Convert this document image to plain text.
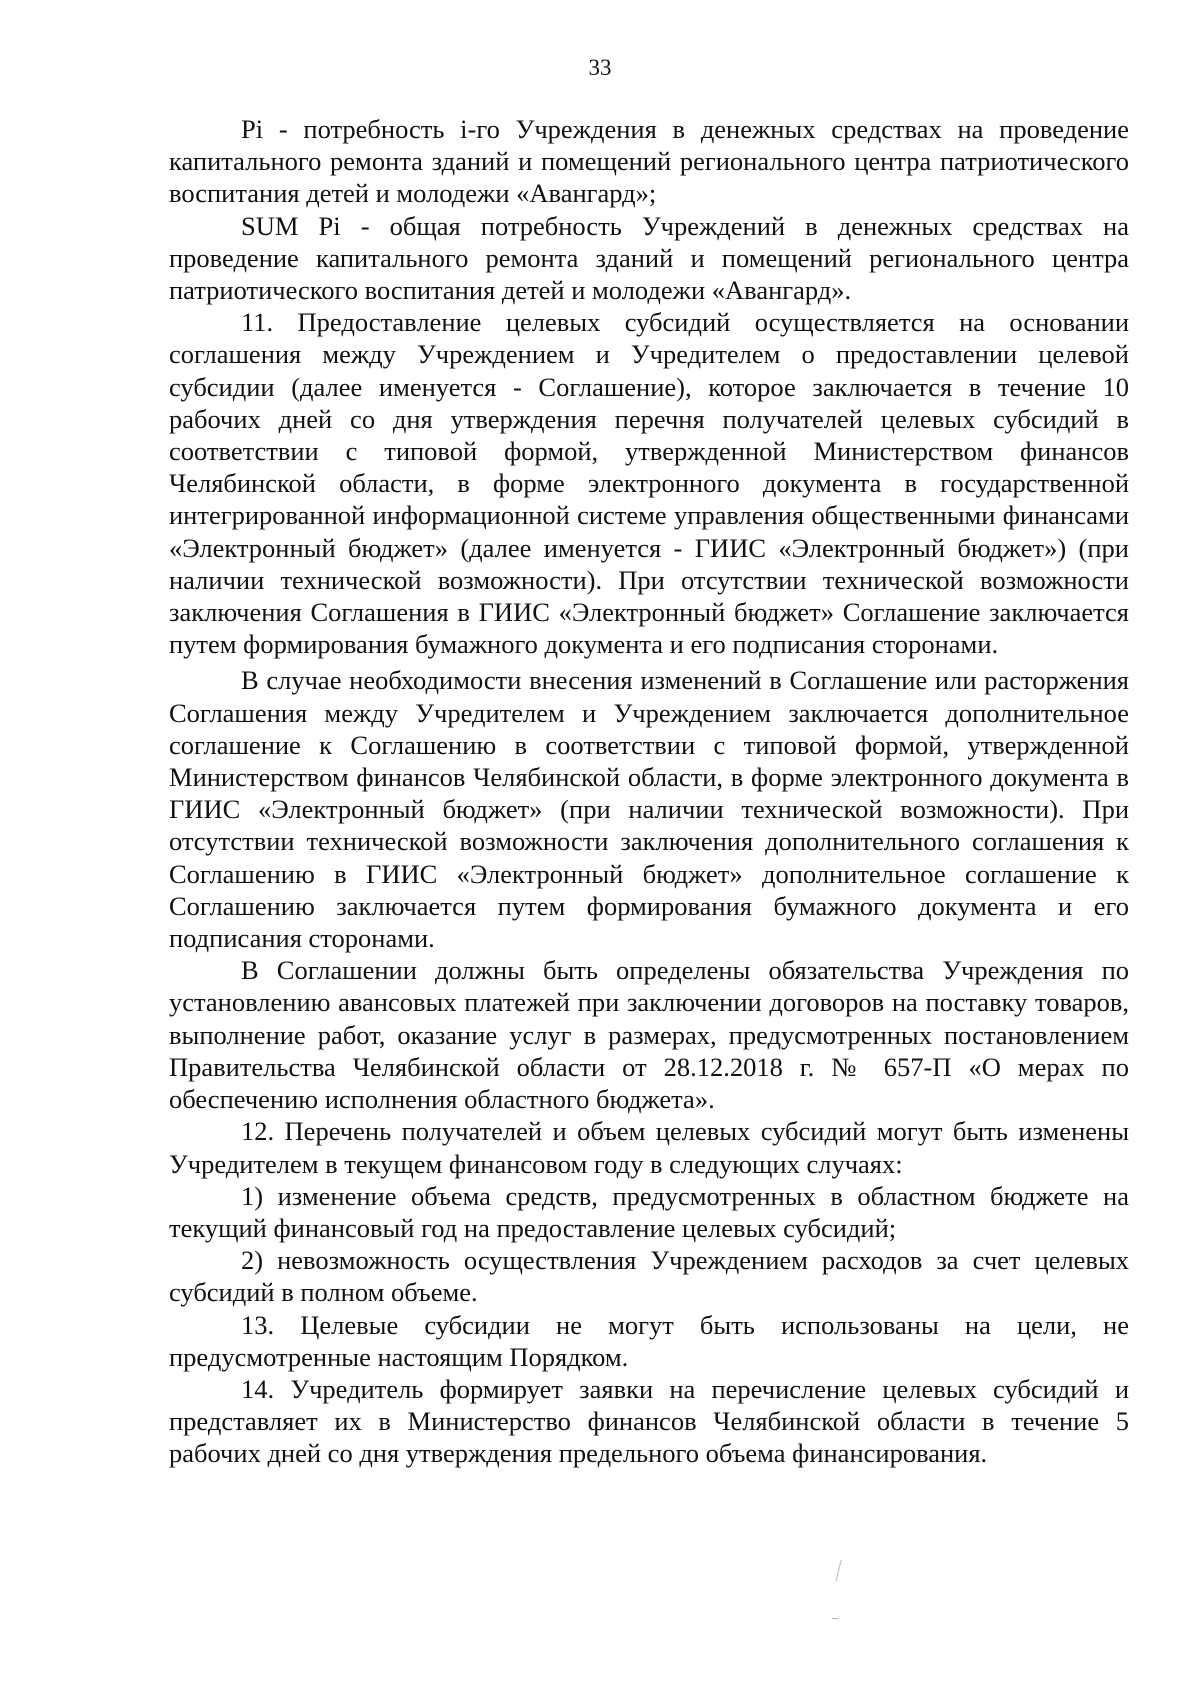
33

Pi - потребность i-го Учреждения в денежных средствах на проведение капитального ремонта зданий и помещений регионального центра патриотического воспитания детей и молодежи «Авангард»;

SUM Pi - общая потребность Учреждений в денежных средствах на проведение капитального ремонта зданий и помещений регионального центра патриотического воспитания детей и молодежи «Авангард».

11. Предоставление целевых субсидий осуществляется на основании соглашения между Учреждением и Учредителем о предоставлении целевой субсидии (далее именуется - Соглашение), которое заключается в течение 10 рабочих дней со дня утверждения перечня получателей целевых субсидий в соответствии с типовой формой, утвержденной Министерством финансов Челябинской области, в форме электронного документа в государственной интегрированной информационной системе управления общественными финансами «Электронный бюджет» (далее именуется - ГИИС «Электронный бюджет») (при наличии технической возможности). При отсутствии технической возможности заключения Соглашения в ГИИС «Электронный бюджет» Соглашение заключается путем формирования бумажного документа и его подписания сторонами.

В случае необходимости внесения изменений в Соглашение или расторжения Соглашения между Учредителем и Учреждением заключается дополнительное соглашение к Соглашению в соответствии с типовой формой, утвержденной Министерством финансов Челябинской области, в форме электронного документа в ГИИС «Электронный бюджет» (при наличии технической возможности). При отсутствии технической возможности заключения дополнительного соглашения к Соглашению в ГИИС «Электронный бюджет» дополнительное соглашение к Соглашению заключается путем формирования бумажного документа и его подписания сторонами.

В Соглашении должны быть определены обязательства Учреждения по установлению авансовых платежей при заключении договоров на поставку товаров, выполнение работ, оказание услуг в размерах, предусмотренных постановлением Правительства Челябинской области от 28.12.2018 г. № 657-П «О мерах по обеспечению исполнения областного бюджета».

12. Перечень получателей и объем целевых субсидий могут быть изменены Учредителем в текущем финансовом году в следующих случаях:

1) изменение объема средств, предусмотренных в областном бюджете на текущий финансовый год на предоставление целевых субсидий;

2) невозможность осуществления Учреждением расходов за счет целевых субсидий в полном объеме.

13. Целевые субсидии не могут быть использованы на цели, не предусмотренные настоящим Порядком.

14. Учредитель формирует заявки на перечисление целевых субсидий и представляет их в Министерство финансов Челябинской области в течение 5 рабочих дней со дня утверждения предельного объема финансирования.
